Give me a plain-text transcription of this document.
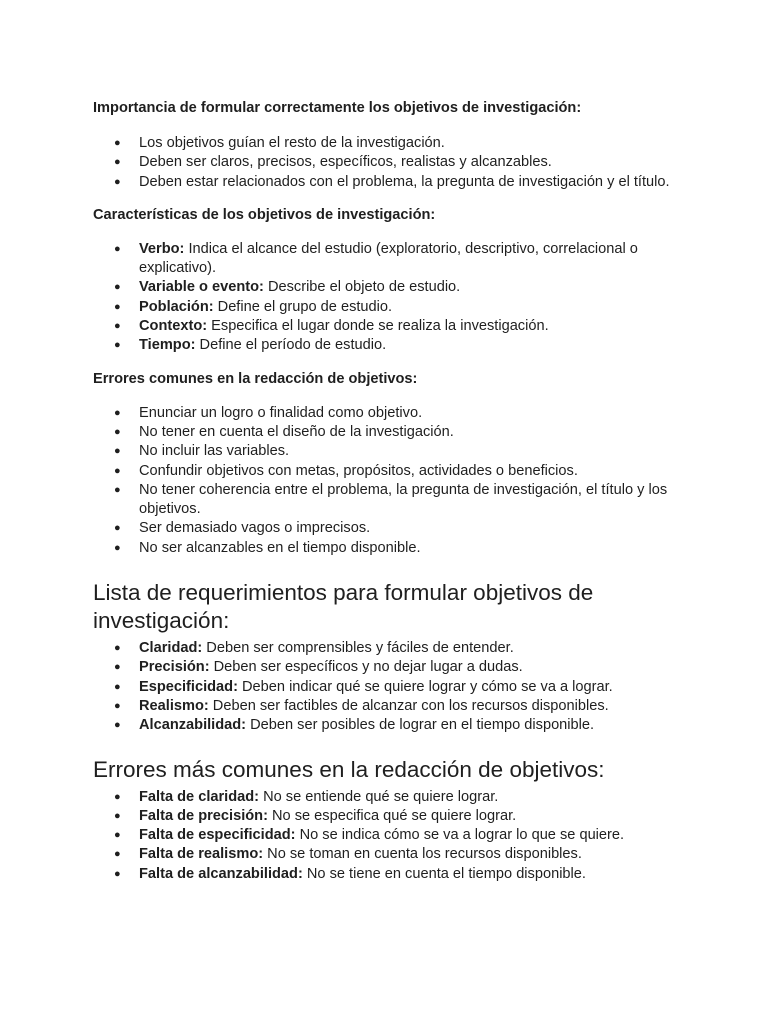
Importancia de formular correctamente los objetivos de investigación:
● Los objetivos guían el resto de la investigación.
● Deben ser claros, precisos, específicos, realistas y alcanzables.
● Deben estar relacionados con el problema, la pregunta de investigación y el título.
Características de los objetivos de investigación:
● Verbo: Indica el alcance del estudio (exploratorio, descriptivo, correlacional o explicativo).
● Variable o evento: Describe el objeto de estudio.
● Población: Define el grupo de estudio.
● Contexto: Especifica el lugar donde se realiza la investigación.
● Tiempo: Define el período de estudio.
Errores comunes en la redacción de objetivos:
● Enunciar un logro o finalidad como objetivo.
● No tener en cuenta el diseño de la investigación.
● No incluir las variables.
● Confundir objetivos con metas, propósitos, actividades o beneficios.
● No tener coherencia entre el problema, la pregunta de investigación, el título y los objetivos.
● Ser demasiado vagos o imprecisos.
● No ser alcanzables en el tiempo disponible.
Lista de requerimientos para formular objetivos de investigación:
● Claridad: Deben ser comprensibles y fáciles de entender.
● Precisión: Deben ser específicos y no dejar lugar a dudas.
● Especificidad: Deben indicar qué se quiere lograr y cómo se va a lograr.
● Realismo: Deben ser factibles de alcanzar con los recursos disponibles.
● Alcanzabilidad: Deben ser posibles de lograr en el tiempo disponible.
Errores más comunes en la redacción de objetivos:
● Falta de claridad: No se entiende qué se quiere lograr.
● Falta de precisión: No se especifica qué se quiere lograr.
● Falta de especificidad: No se indica cómo se va a lograr lo que se quiere.
● Falta de realismo: No se toman en cuenta los recursos disponibles.
● Falta de alcanzabilidad: No se tiene en cuenta el tiempo disponible.
